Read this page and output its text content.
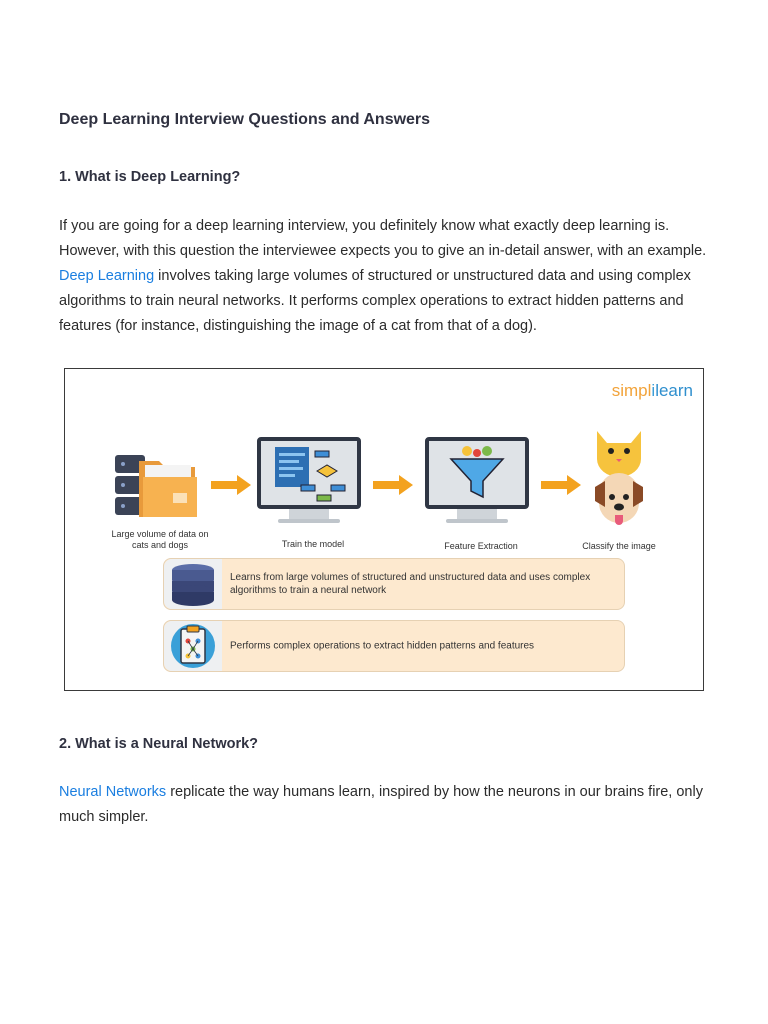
Deep Learning Interview Questions and Answers
1. What is Deep Learning?

If you are going for a deep learning interview, you definitely know what exactly deep learning is. However, with this question the interviewee expects you to give an in-detail answer, with an example. Deep Learning involves taking large volumes of structured or unstructured data and using complex algorithms to train neural networks. It performs complex operations to extract hidden patterns and features (for instance, distinguishing the image of a cat from that of a dog).

simplilearn
Large volume of data on cats and dogs	Train the model	Feature Extraction	Classify the image
Learns from large volumes of structured and unstructured data and uses complex algorithms to train a neural network
Performs complex operations to extract hidden patterns and features
2. What is a Neural Network?

Neural Networks replicate the way humans learn, inspired by how the neurons in our brains fire, only much simpler.
